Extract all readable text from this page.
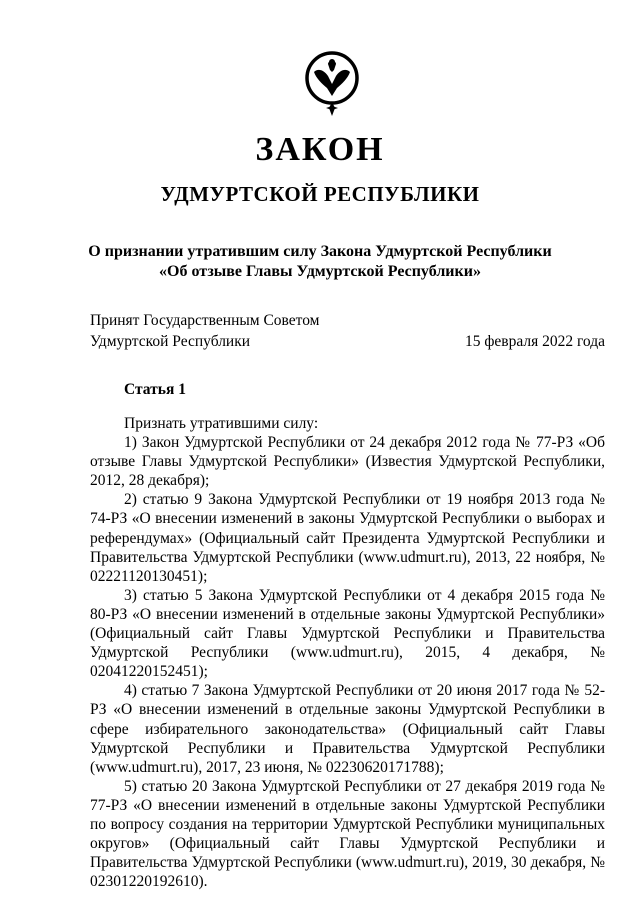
ЗАКОН
УДМУРТСКОЙ РЕСПУБЛИКИ
О признании утратившим силу Закона Удмуртской Республики
«Об отзыве Главы Удмуртской Республики»
Принят Государственным Советом
Удмуртской Республики	15 февраля 2022 года
Статья 1

Признать утратившими силу:

1) Закон Удмуртской Республики от 24 декабря 2012 года № 77-РЗ «Об отзыве Главы Удмуртской Республики» (Известия Удмуртской Республики, 2012, 28 декабря);

2) статью 9 Закона Удмуртской Республики от 19 ноября 2013 года № 74-РЗ «О внесении изменений в законы Удмуртской Республики о выборах и референдумах» (Официальный сайт Президента Удмуртской Республики и Правительства Удмуртской Республики (www.udmurt.ru), 2013, 22 ноября, № 02221120130451);

3) статью 5 Закона Удмуртской Республики от 4 декабря 2015 года № 80-РЗ «О внесении изменений в отдельные законы Удмуртской Республики» (Официальный сайт Главы Удмуртской Республики и Правительства Удмуртской Республики (www.udmurt.ru), 2015, 4 декабря, № 02041220152451);

4) статью 7 Закона Удмуртской Республики от 20 июня 2017 года № 52-РЗ «О внесении изменений в отдельные законы Удмуртской Республики в сфере избирательного законодательства» (Официальный сайт Главы Удмуртской Республики и Правительства Удмуртской Республики (www.udmurt.ru), 2017, 23 июня, № 02230620171788);

5) статью 20 Закона Удмуртской Республики от 27 декабря 2019 года № 77-РЗ «О внесении изменений в отдельные законы Удмуртской Республики по вопросу создания на территории Удмуртской Республики муниципальных округов» (Официальный сайт Главы Удмуртской Республики и Правительства Удмуртской Республики (www.udmurt.ru), 2019, 30 декабря, № 02301220192610).
